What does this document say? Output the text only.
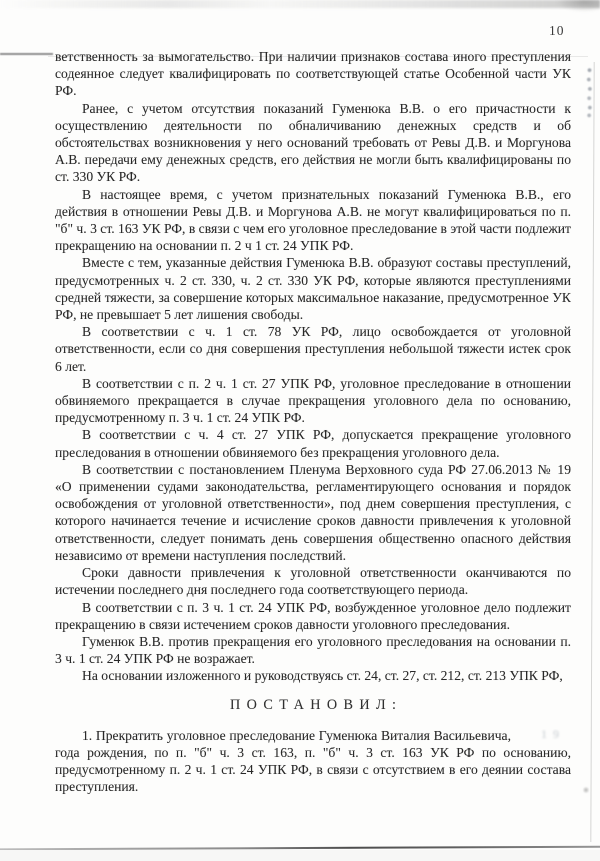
10

ветственность за вымогательство. При наличии признаков состава иного преступления содеянное следует квалифицировать по соответствующей статье Особенной части УК РФ.

Ранее, с учетом отсутствия показаний Гуменюка В.В. о его причастности к осуществлению деятельности по обналичиванию денежных средств и об обстоятельствах возникновения у него оснований требовать от Ревы Д.В. и Моргунова А.В. передачи ему денежных средств, его действия не могли быть квалифицированы по ст. 330 УК РФ.

В настоящее время, с учетом признательных показаний Гуменюка В.В., его действия в отношении Ревы Д.В. и Моргунова А.В. не могут квалифицироваться по п. "б" ч. 3 ст. 163 УК РФ, в связи с чем его уголовное преследование в этой части подлежит прекращению на основании п. 2 ч 1 ст. 24 УПК РФ.

Вместе с тем, указанные действия Гуменюка В.В. образуют составы преступлений, предусмотренных ч. 2 ст. 330, ч. 2 ст. 330 УК РФ, которые являются преступлениями средней тяжести, за совершение которых максимальное наказание, предусмотренное УК РФ, не превышает 5 лет лишения свободы.

В соответствии с ч. 1 ст. 78 УК РФ, лицо освобождается от уголовной ответственности, если со дня совершения преступления небольшой тяжести истек срок 6 лет.

В соответствии с п. 2 ч. 1 ст. 27 УПК РФ, уголовное преследование в отношении обвиняемого прекращается в случае прекращения уголовного дела по основанию, предусмотренному п. 3 ч. 1 ст. 24 УПК РФ.

В соответствии с ч. 4 ст. 27 УПК РФ, допускается прекращение уголовного преследования в отношении обвиняемого без прекращения уголовного дела.

В соответствии с постановлением Пленума Верховного суда РФ 27.06.2013 № 19 «О применении судами законодательства, регламентирующего основания и порядок освобождения от уголовной ответственности», под днем совершения преступления, с которого начинается течение и исчисление сроков давности привлечения к уголовной ответственности, следует понимать день совершения общественно опасного действия независимо от времени наступления последствий.

Сроки давности привлечения к уголовной ответственности оканчиваются по истечении последнего дня последнего года соответствующего периода.

В соответствии с п. 3 ч. 1 ст. 24 УПК РФ, возбужденное уголовное дело подлежит прекращению в связи истечением сроков давности уголовного преследования.

Гуменюк В.В. против прекращения его уголовного преследования на основании п. 3 ч. 1 ст. 24 УПК РФ не возражает.

На основании изложенного и руководствуясь ст. 24, ст. 27, ст. 212, ст. 213 УПК РФ,

ПОСТАНОВИЛ:

1. Прекратить уголовное преследование Гуменюка Виталия Васильевича,	19
года рождения, по п. "б" ч. 3 ст. 163, п. "б" ч. 3 ст. 163 УК РФ по основанию, предусмотренному п. 2 ч. 1 ст. 24 УПК РФ, в связи с отсутствием в его деянии состава преступления.
